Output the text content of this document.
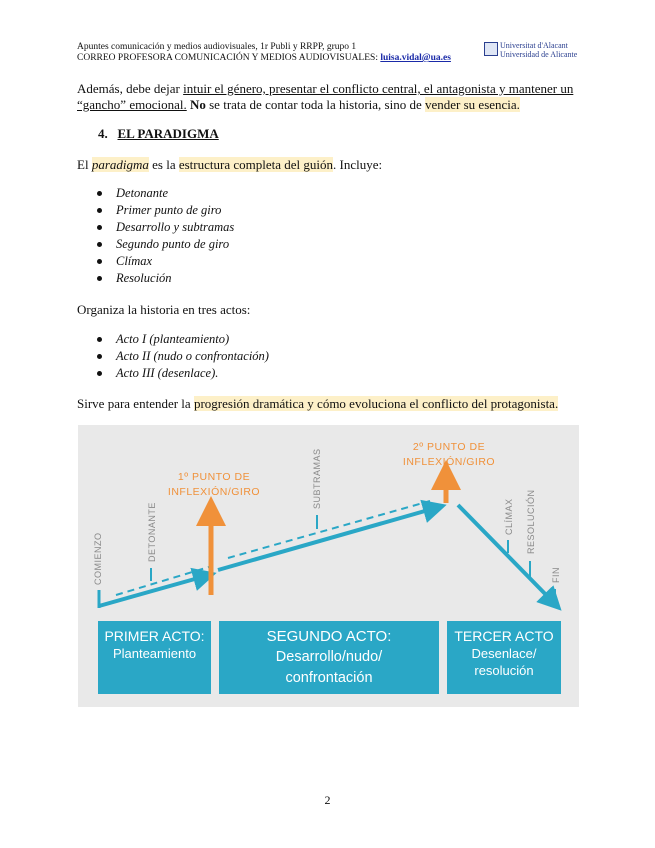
Apuntes comunicación y medios audiovisuales, 1r Publi y RRPP, grupo 1
CORREO PROFESORA COMUNICACIÓN Y MEDIOS AUDIOVISUALES: luisa.vidal@ua.es
Universitat d'Alacant
Universidad de Alicante
Además, debe dejar intuir el género, presentar el conflicto central, el antagonista y mantener un
“gancho” emocional. No se trata de contar toda la historia, sino de vender su esencia.
4. EL PARADIGMA
El paradigma es la estructura completa del guión. Incluye:
Detonante
Primer punto de giro
Desarrollo y subtramas
Segundo punto de giro
Clímax
Resolución
Organiza la historia en tres actos:
Acto I (planteamiento)
Acto II (nudo o confrontación)
Acto III (desenlace).
Sirve para entender la progresión dramática y cómo evoluciona el conflicto del protagonista.
COMIENZO	DETONANTE
SUBTRAMAS
CLÍMAX RESOLUCIÓN
FIN
1º PUNTO DE
INFLEXIÓN/GIRO
2º PUNTO DE
INFLEXIÓN/GIRO
PRIMER ACTO:
Planteamiento
SEGUNDO ACTO:
Desarrollo/nudo/
confrontación
TERCER ACTO
Desenlace/
resolución
2
